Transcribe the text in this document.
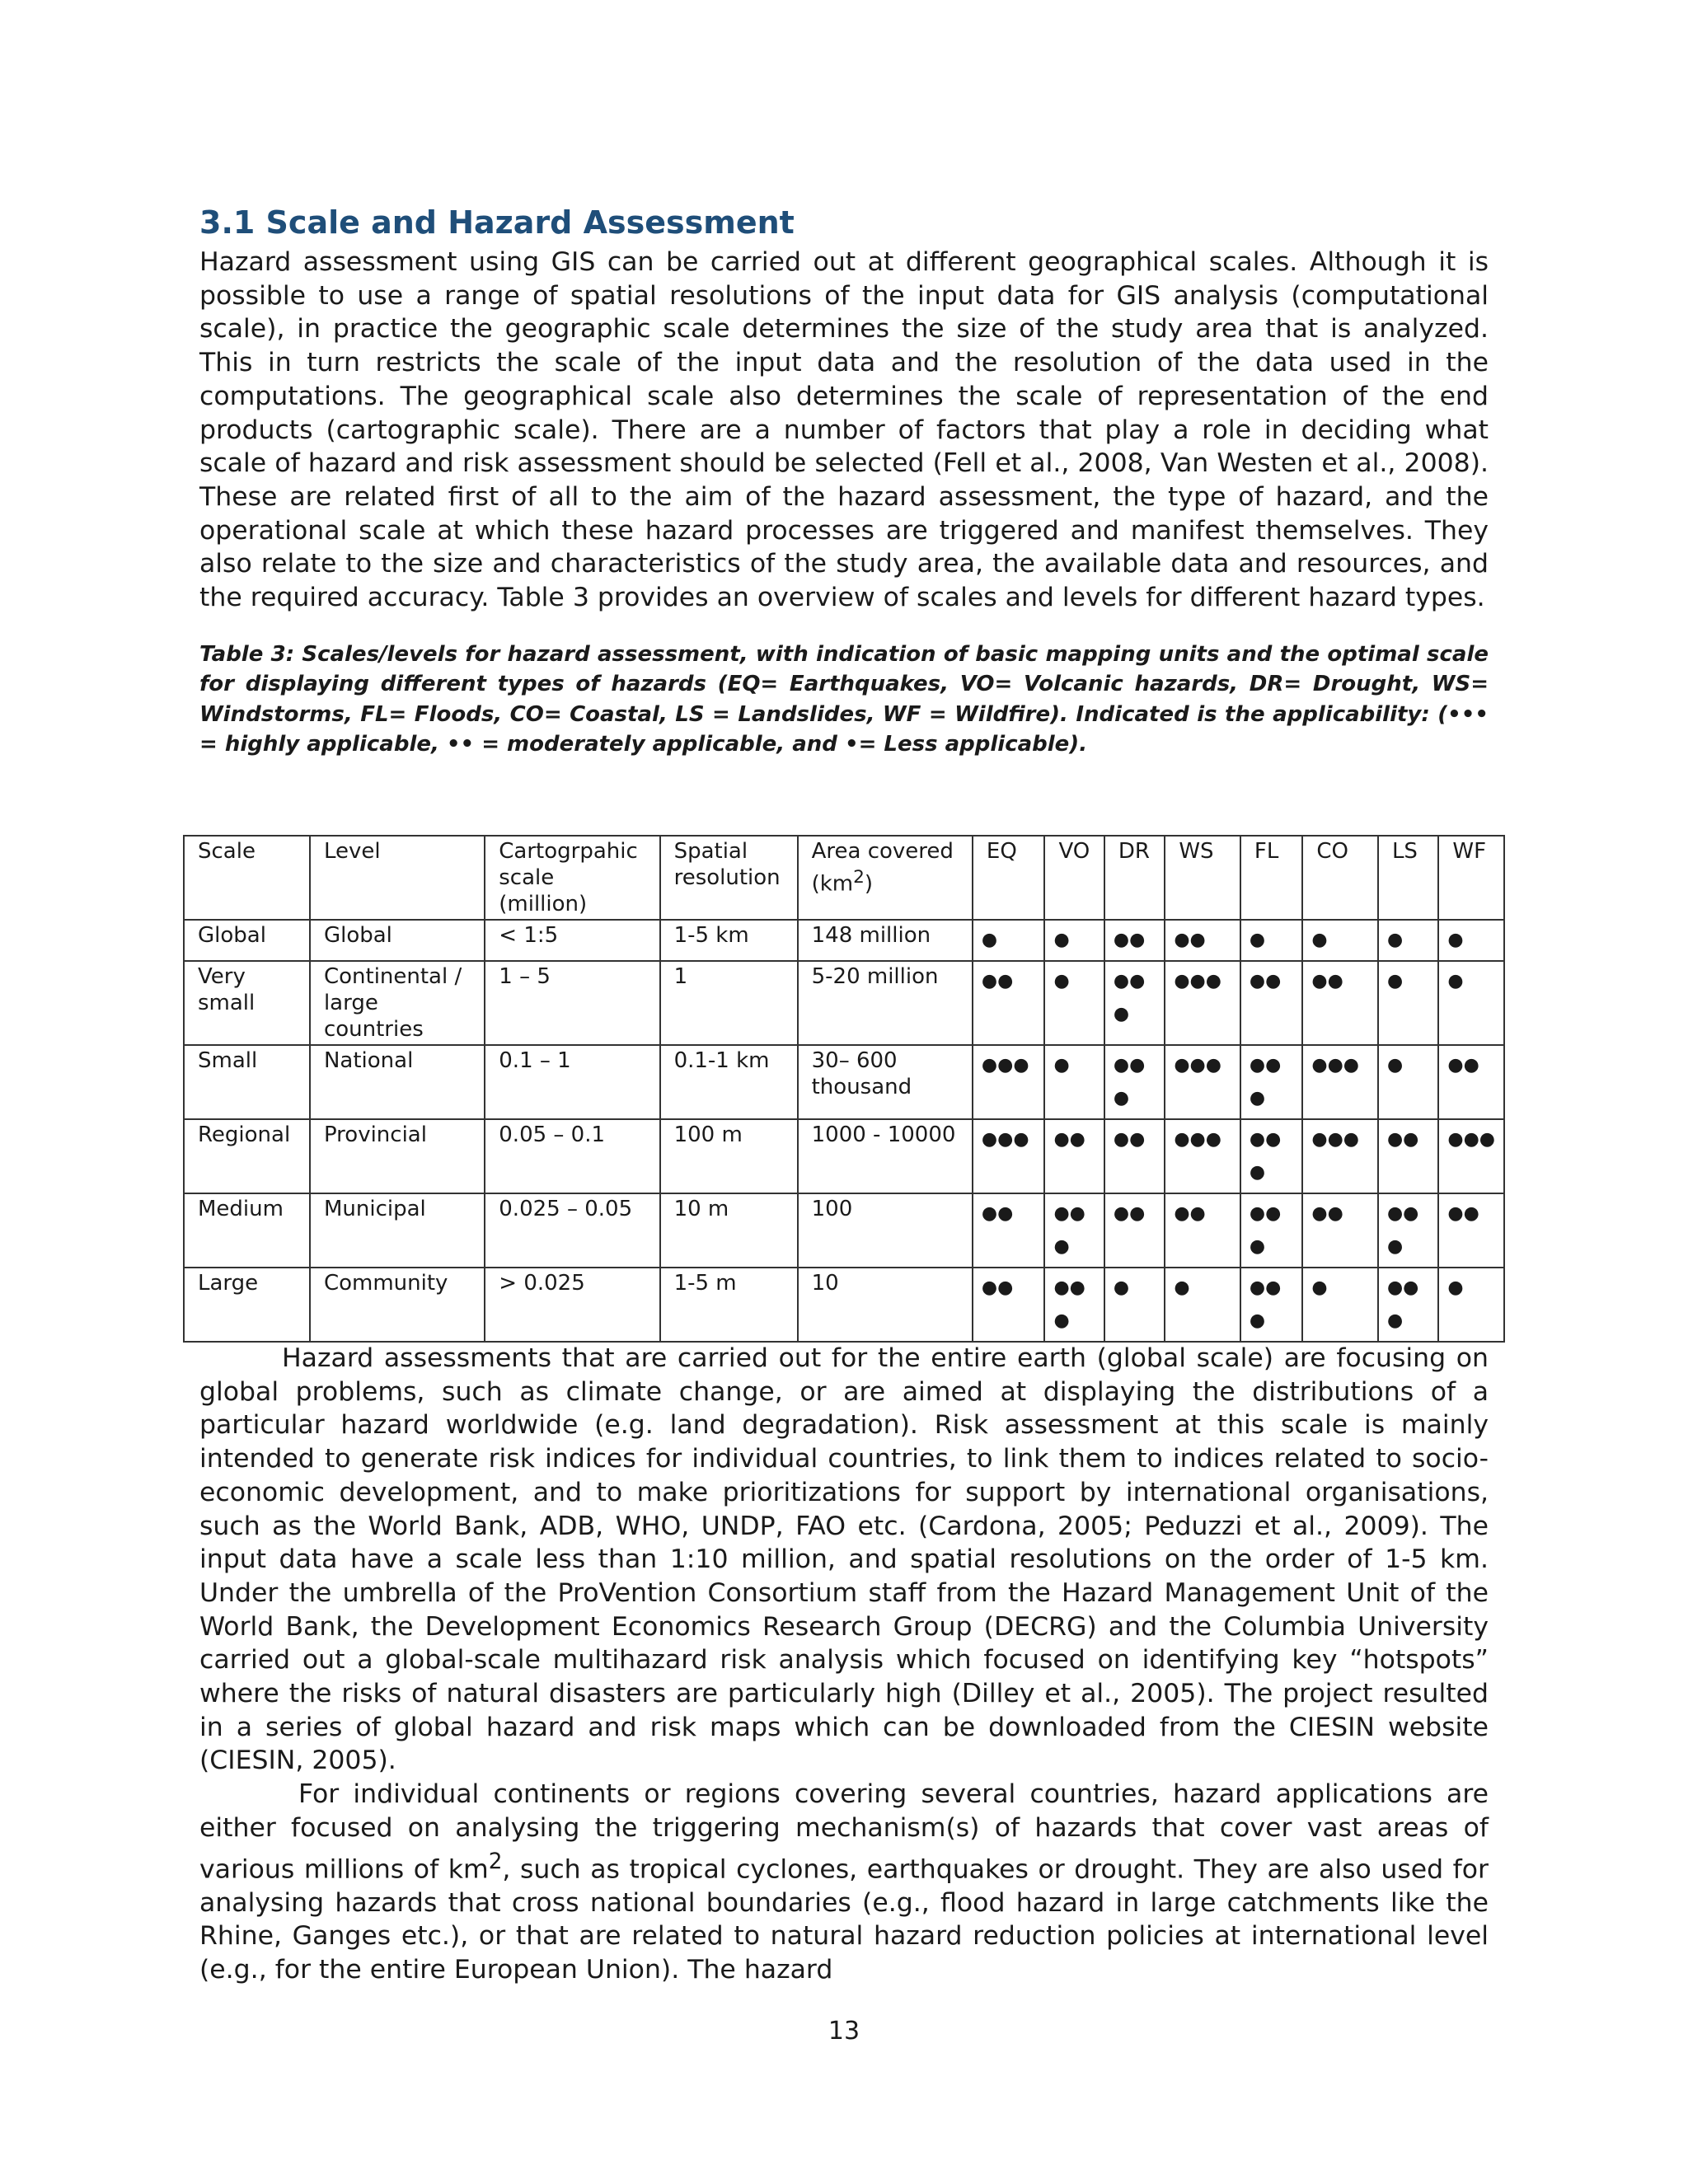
3.1 Scale and Hazard Assessment

Hazard assessment using GIS can be carried out at different geographical scales. Although it is possible to use a range of spatial resolutions of the input data for GIS analysis (computational scale), in practice the geographic scale determines the size of the study area that is analyzed. This in turn restricts the scale of the input data and the resolution of the data used in the computations. The geographical scale also determines the scale of representation of the end products (cartographic scale). There are a number of factors that play a role in deciding what scale of hazard and risk assessment should be selected (Fell et al., 2008, Van Westen et al., 2008). These are related first of all to the aim of the hazard assessment, the type of hazard, and the operational scale at which these hazard processes are triggered and manifest themselves. They also relate to the size and characteristics of the study area, the available data and resources, and the required accuracy. Table 3 provides an overview of scales and levels for different hazard types.

Table 3: Scales/levels for hazard assessment, with indication of basic mapping units and the optimal scale for displaying different types of hazards (EQ= Earthquakes, VO= Volcanic hazards, DR= Drought, WS= Windstorms, FL= Floods, CO= Coastal, LS = Landslides, WF = Wildfire). Indicated is the applicability: (••• = highly applicable, •• = moderately applicable, and •= Less applicable).

Scale	Level	Cartogrpahic scale (million)	Spatial resolution	Area covered $(km^2)$	EQ	VO	DR	WS	FL	CO	LS	WF
Global	Global	< 1:5	1-5 km	148 million	●	●	●●	●●	●	●	●	●
Very small	Continental / large countries	1 – 5	1	5-20 million	●●	●	●●●	●●●	●●	●●	●	●
Small	National	0.1 – 1	0.1-1 km	30– 600 thousand	●●●	●	●●●	●●●	●●●	●●●	●	●●
Regional	Provincial	0.05 – 0.1	100 m	1000 - 10000	●●●	●●	●●	●●●	●●●	●●●	●●	●●●
Medium	Municipal	0.025 – 0.05	10 m	100	●●	●●●	●●	●●	●●●	●●	●●●	●●
Large	Community	> 0.025	1-5 m	10	●●	●●●	●	●	●●●	●	●●●	●

Hazard assessments that are carried out for the entire earth (global scale) are focusing on global problems, such as climate change, or are aimed at displaying the distributions of a particular hazard worldwide (e.g. land degradation). Risk assessment at this scale is mainly intended to generate risk indices for individual countries, to link them to indices related to socio-economic development, and to make prioritizations for support by international organisations, such as the World Bank, ADB, WHO, UNDP, FAO etc. (Cardona, 2005; Peduzzi et al., 2009). The input data have a scale less than 1:10 million, and spatial resolutions on the order of 1-5 km. Under the umbrella of the ProVention Consortium staff from the Hazard Management Unit of the World Bank, the Development Economics Research Group (DECRG) and the Columbia University carried out a global-scale multihazard risk analysis which focused on identifying key “hotspots” where the risks of natural disasters are particularly high (Dilley et al., 2005). The project resulted in a series of global hazard and risk maps which can be downloaded from the CIESIN website (CIESIN, 2005).

For individual continents or regions covering several countries, hazard applications are either focused on analysing the triggering mechanism(s) of hazards that cover vast areas of various millions of $km^2$, such as tropical cyclones, earthquakes or drought. They are also used for analysing hazards that cross national boundaries (e.g., flood hazard in large catchments like the Rhine, Ganges etc.), or that are related to natural hazard reduction policies at international level (e.g., for the entire European Union). The hazard

13
